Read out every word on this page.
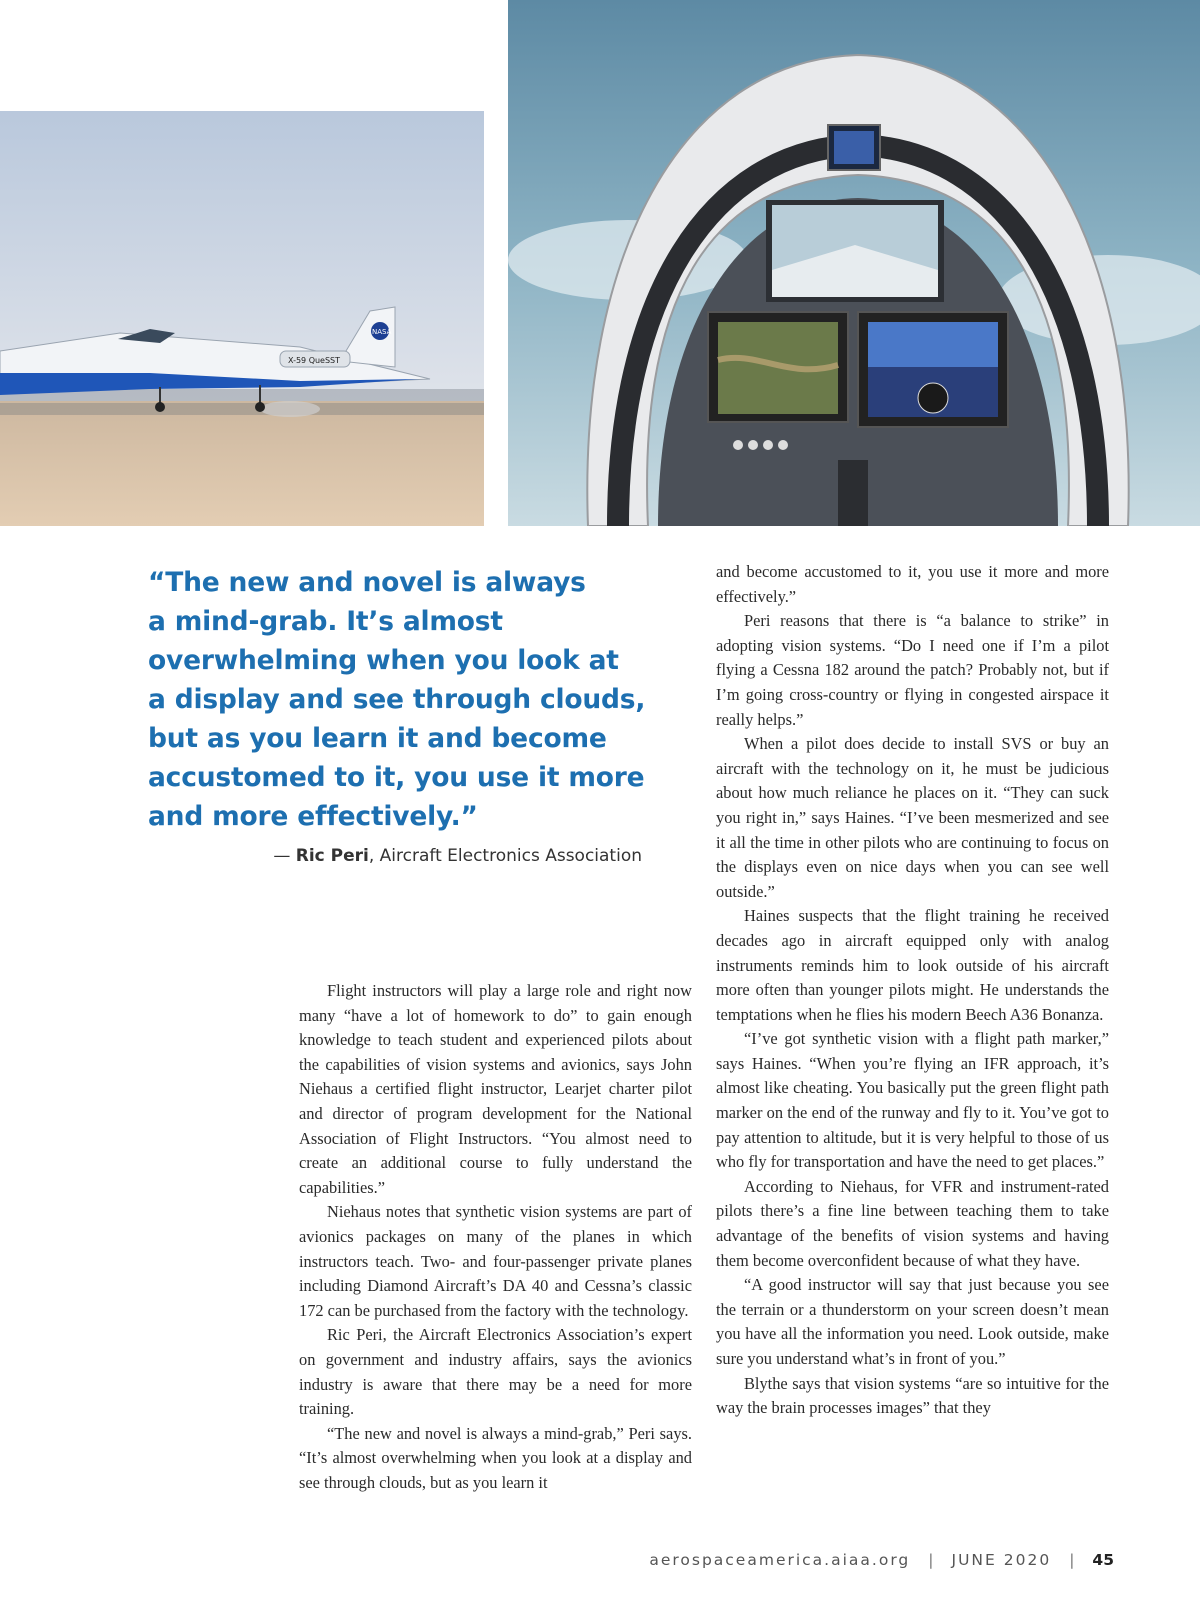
NASA
X-59 QueSST
“The new and novel is always
a mind-grab. It’s almost
overwhelming when you look at
a display and see through clouds,
but as you learn it and become
accustomed to it, you use it more
and more effectively.”
— Ric Peri, Aircraft Electronics Association

Flight instructors will play a large role and right now many “have a lot of homework to do” to gain enough knowledge to teach student and experienced pilots about the capabilities of vision systems and avionics, says John Niehaus a certified flight instructor, Learjet charter pilot and director of program development for the National Association of Flight Instructors. “You almost need to create an additional course to fully understand the capabilities.”

Niehaus notes that synthetic vision systems are part of avionics packages on many of the planes in which instructors teach. Two- and four-passenger private planes including Diamond Aircraft’s DA 40 and Cessna’s classic 172 can be purchased from the factory with the technology.

Ric Peri, the Aircraft Electronics Association’s expert on government and industry affairs, says the avionics industry is aware that there may be a need for more training.

“The new and novel is always a mind-grab,” Peri says. “It’s almost overwhelming when you look at a display and see through clouds, but as you learn it

and become accustomed to it, you use it more and more effectively.”

Peri reasons that there is “a balance to strike” in adopting vision systems. “Do I need one if I’m a pilot flying a Cessna 182 around the patch? Probably not, but if I’m going cross-country or flying in congested airspace it really helps.”

When a pilot does decide to install SVS or buy an aircraft with the technology on it, he must be judicious about how much reliance he places on it. “They can suck you right in,” says Haines. “I’ve been mesmerized and see it all the time in other pilots who are continuing to focus on the displays even on nice days when you can see well outside.”

Haines suspects that the flight training he received decades ago in aircraft equipped only with analog instruments reminds him to look outside of his aircraft more often than younger pilots might. He understands the temptations when he flies his modern Beech A36 Bonanza.

“I’ve got synthetic vision with a flight path marker,” says Haines. “When you’re flying an IFR approach, it’s almost like cheating. You basically put the green flight path marker on the end of the runway and fly to it. You’ve got to pay attention to altitude, but it is very helpful to those of us who fly for transportation and have the need to get places.”

According to Niehaus, for VFR and instrument-rated pilots there’s a fine line between teaching them to take advantage of the benefits of vision systems and having them become overconfident because of what they have.

“A good instructor will say that just because you see the terrain or a thunderstorm on your screen doesn’t mean you have all the information you need. Look outside, make sure you understand what’s in front of you.”

Blythe says that vision systems “are so intuitive for the way the brain processes images” that they

aerospaceamerica.aiaa.org | JUNE 2020 | 45
